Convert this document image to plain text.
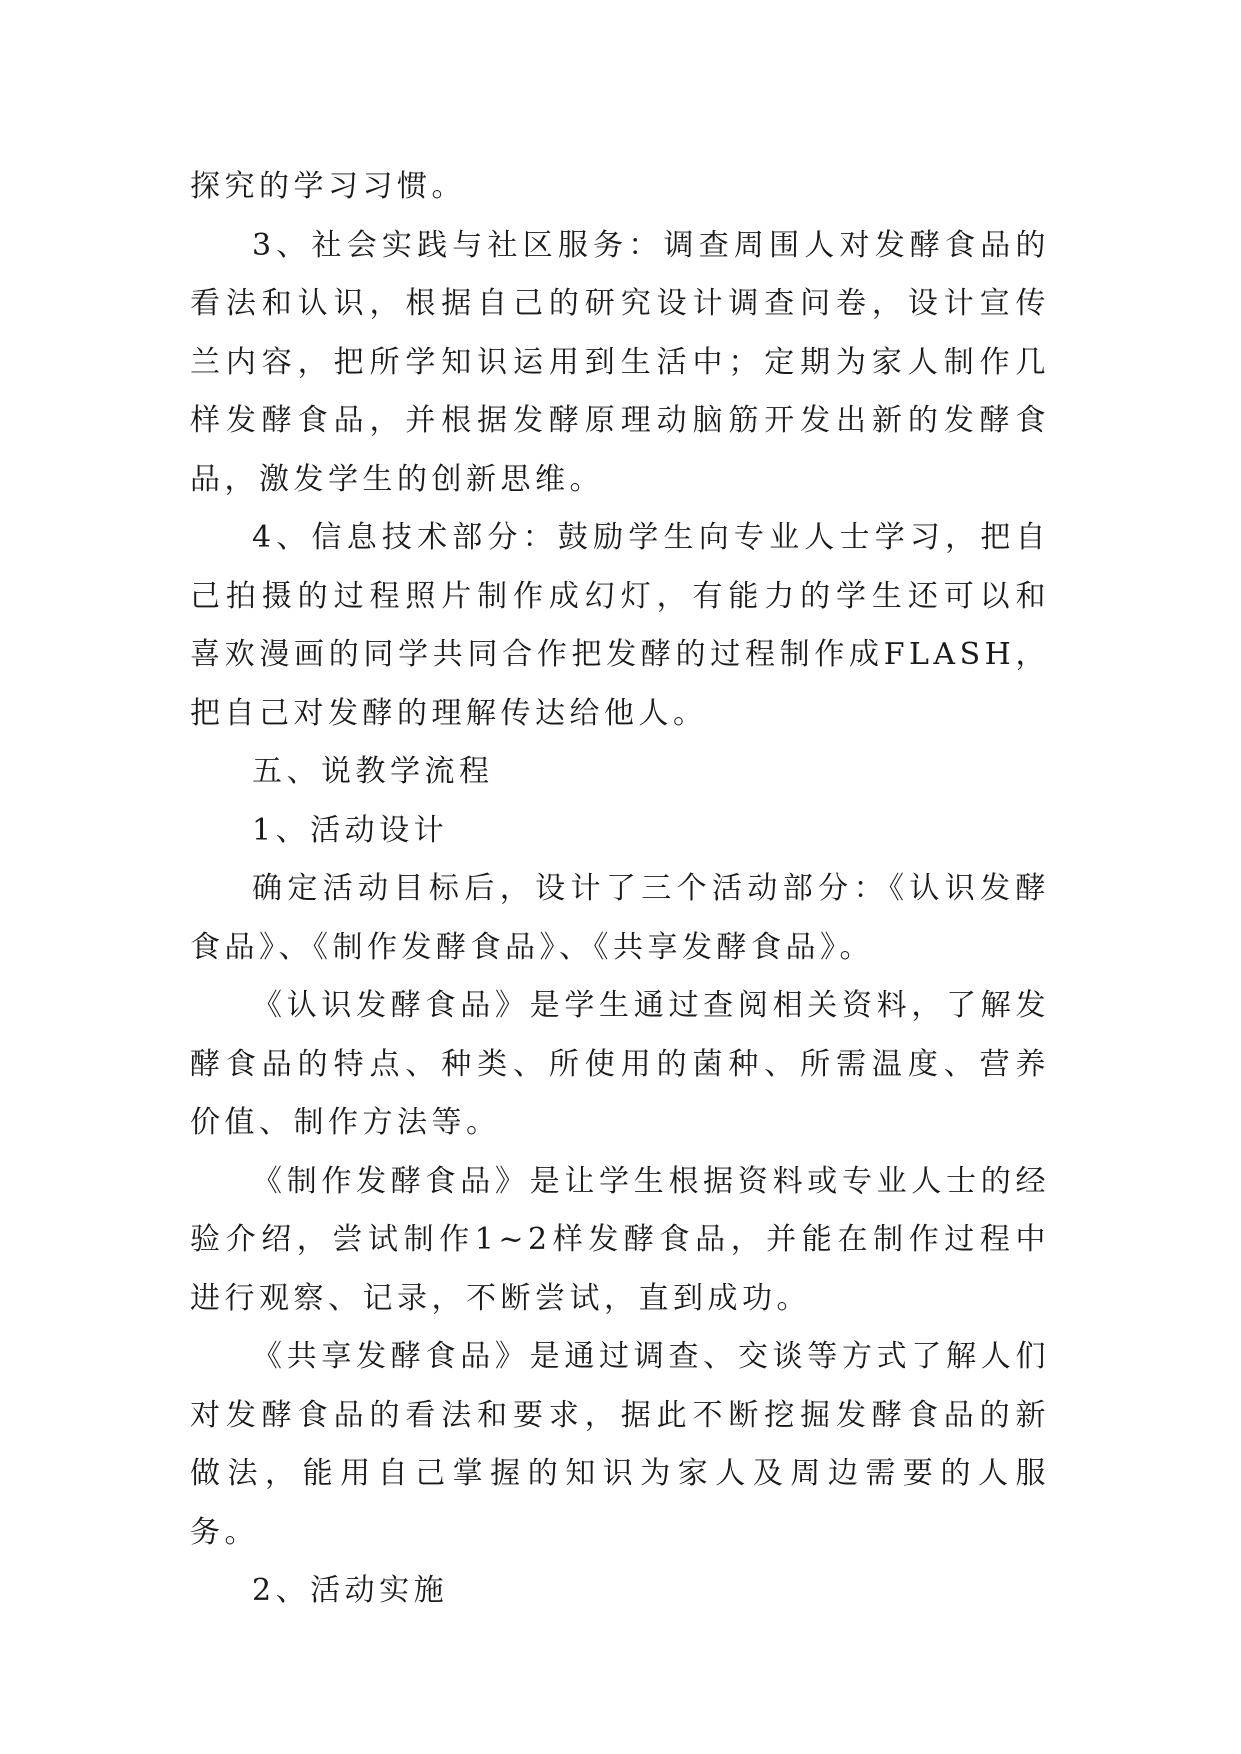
探究的学习习惯。

3、社会实践与社区服务：调查周围人对发酵食品的看法和认识，根据自己的研究设计调查问卷，设计宣传兰内容，把所学知识运用到生活中；定期为家人制作几样发酵食品，并根据发酵原理动脑筋开发出新的发酵食品，激发学生的创新思维。

4、信息技术部分：鼓励学生向专业人士学习，把自己拍摄的过程照片制作成幻灯，有能力的学生还可以和喜欢漫画的同学共同合作把发酵的过程制作成FLASH，把自己对发酵的理解传达给他人。

五、说教学流程

1、活动设计

确定活动目标后，设计了三个活动部分：《认识发酵食品》、《制作发酵食品》、《共享发酵食品》。

《认识发酵食品》是学生通过查阅相关资料，了解发酵食品的特点、种类、所使用的菌种、所需温度、营养价值、制作方法等。

《制作发酵食品》是让学生根据资料或专业人士的经验介绍，尝试制作1~2样发酵食品，并能在制作过程中进行观察、记录，不断尝试，直到成功。

《共享发酵食品》是通过调查、交谈等方式了解人们对发酵食品的看法和要求，据此不断挖掘发酵食品的新做法，能用自己掌握的知识为家人及周边需要的人服务。

2、活动实施
